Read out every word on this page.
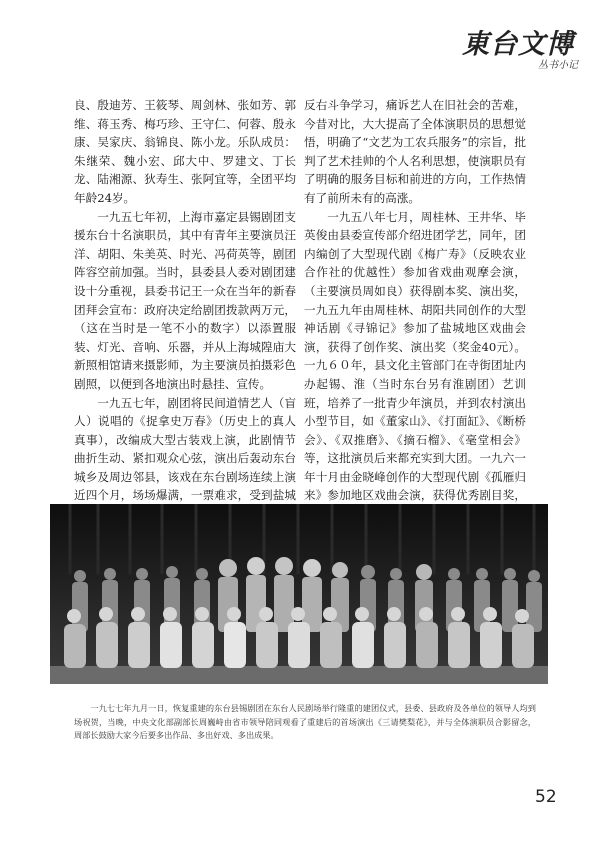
東台文博
丛书小记

良、殷迪芳、王筱琴、周剑林、张如芳、郭维、蒋玉秀、梅巧珍、王守仁、何蓉、殷永康、吴家庆、翁锦良、陈小龙。乐队成员：朱继荣、魏小宏、邱大中、罗建文、丁长龙、陆湘源、狄寿生、张阿宜等，全团平均年龄24岁。

一九五七年初，上海市嘉定县锡剧团支援东台十名演职员，其中有青年主要演员汪洋、胡阳、朱美英、时光、冯荷英等，剧团阵容空前加强。当时，县委县人委对剧团建设十分重视，县委书记王一众在当年的新春团拜会宣布：政府决定给剧团拨款两万元，（这在当时是一笔不小的数字）以添置服装、灯光、音响、乐器，并从上海城隍庙大新照相馆请来摄影师，为主要演员拍摄彩色剧照，以便到各地演出时悬挂、宣传。

一九五七年，剧团将民间道情艺人（盲人）说唱的《捉拿史万春》（历史上的真人真事），改编成大型古装戏上演，此剧情节曲折生动、紧扣观众心弦，演出后轰动东台城乡及周边邻县，该戏在东台剧场连续上演近四个月，场场爆满，一票难求，受到盐城

反右斗争学习，痛诉艺人在旧社会的苦难，今昔对比，大大提高了全体演职员的思想觉悟，明确了“文艺为工农兵服务”的宗旨，批判了艺术挂帅的个人名利思想，使演职员有了明确的服务目标和前进的方向，工作热情有了前所未有的高涨。

一九五八年七月，周桂林、王井华、毕英俊由县委宣传部介绍进团学艺，同年，团内编创了大型现代剧《梅广寿》（反映农业合作社的优越性）参加省戏曲观摩会演，（主要演员周如良）获得剧本奖、演出奖，一九五九年由周桂林、胡阳共同创作的大型神话剧《寻锦记》参加了盐城地区戏曲会演，获得了创作奖、演出奖（奖金40元）。一九６０年，县文化主管部门在寺街团址内办起锡、淮（当时东台另有淮剧团）艺训班，培养了一批青少年演员，并到农村演出小型节目，如《董家山》、《打面缸》、《断桥会》、《双推磨》、《摘石榴》、《毫堂相会》等，这批演员后来都充实到大团。一九六一年十月由金晓峰创作的大型现代剧《孤雁归来》参加地区戏曲会演，获得优秀剧目奖，

一九七七年九月一日，恢复重建的东台县锡剧团在东台人民剧场举行隆重的建团仪式，县委、县政府及各单位的领导人均到场祝贺，当晚，中央文化部副部长周巍峙由省市领导陪同观看了重建后的首场演出《三请樊梨花》，并与全体演职员合影留念，周部长鼓励大家今后要多出作品、多出好戏、多出成果。
52
